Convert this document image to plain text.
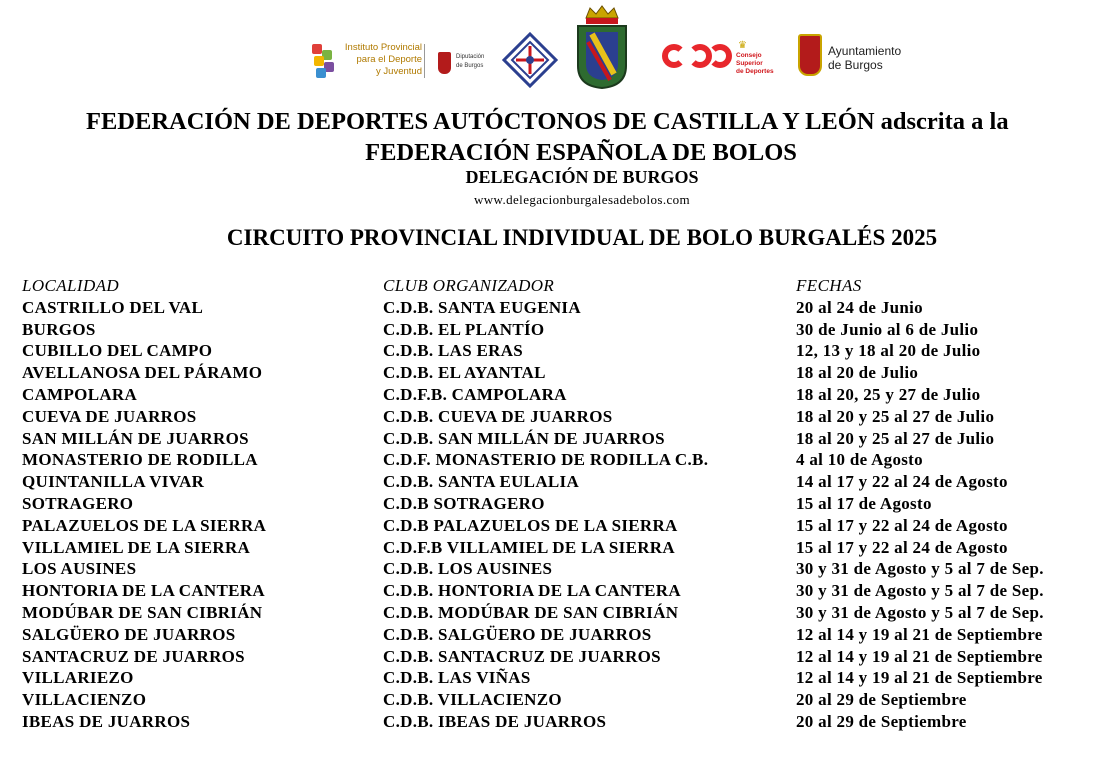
Instituto Provincial
para el Deporte
y Juventud
Diputación
de Burgos
♛
Consejo
Superior
de Deportes
Ayuntamiento
de Burgos
FEDERACIÓN DE DEPORTES AUTÓCTONOS DE CASTILLA Y LEÓN adscrita a la
FEDERACIÓN ESPAÑOLA DE BOLOS
DELEGACIÓN DE BURGOS
www.delegacionburgalesadebolos.com
CIRCUITO PROVINCIAL INDIVIDUAL DE BOLO BURGALÉS 2025
LOCALIDAD
CASTRILLO DEL VAL
BURGOS
CUBILLO DEL CAMPO
AVELLANOSA DEL PÁRAMO
CAMPOLARA
CUEVA DE JUARROS
SAN MILLÁN DE JUARROS
MONASTERIO DE RODILLA
QUINTANILLA VIVAR
SOTRAGERO
PALAZUELOS DE LA SIERRA
VILLAMIEL DE LA SIERRA
LOS AUSINES
HONTORIA DE LA CANTERA
MODÚBAR DE SAN CIBRIÁN
SALGÜERO DE JUARROS
SANTACRUZ DE JUARROS
VILLARIEZO
VILLACIENZO
IBEAS DE JUARROS
CLUB ORGANIZADOR
C.D.B. SANTA EUGENIA
C.D.B. EL PLANTÍO
C.D.B. LAS ERAS
C.D.B. EL AYANTAL
C.D.F.B. CAMPOLARA
C.D.B. CUEVA DE JUARROS
C.D.B. SAN MILLÁN DE JUARROS
C.D.F. MONASTERIO DE RODILLA C.B.
C.D.B. SANTA EULALIA
C.D.B SOTRAGERO
C.D.B PALAZUELOS DE LA SIERRA
C.D.F.B VILLAMIEL DE LA SIERRA
C.D.B. LOS AUSINES
C.D.B. HONTORIA DE LA CANTERA
C.D.B. MODÚBAR DE SAN CIBRIÁN
C.D.B. SALGÜERO DE JUARROS
C.D.B. SANTACRUZ DE JUARROS
C.D.B. LAS VIÑAS
C.D.B. VILLACIENZO
C.D.B. IBEAS DE JUARROS
FECHAS
20 al 24 de Junio
30 de Junio al 6 de Julio
12, 13 y 18 al 20 de Julio
18 al 20 de Julio
18 al 20, 25 y 27 de Julio
18 al 20 y 25 al 27 de Julio
18 al 20 y 25 al 27 de Julio
4 al 10 de Agosto
14 al 17 y 22 al 24 de Agosto
15 al 17 de Agosto
15 al 17 y 22 al 24 de Agosto
15 al 17 y 22 al 24 de Agosto
30 y 31 de Agosto y 5 al 7 de Sep.
30 y 31 de Agosto y 5 al 7 de Sep.
30 y 31 de Agosto y 5 al 7 de Sep.
12 al 14 y 19 al 21 de Septiembre
12 al 14 y 19 al 21 de Septiembre
12 al 14 y 19 al 21 de Septiembre
20 al 29 de Septiembre
20 al 29 de Septiembre
